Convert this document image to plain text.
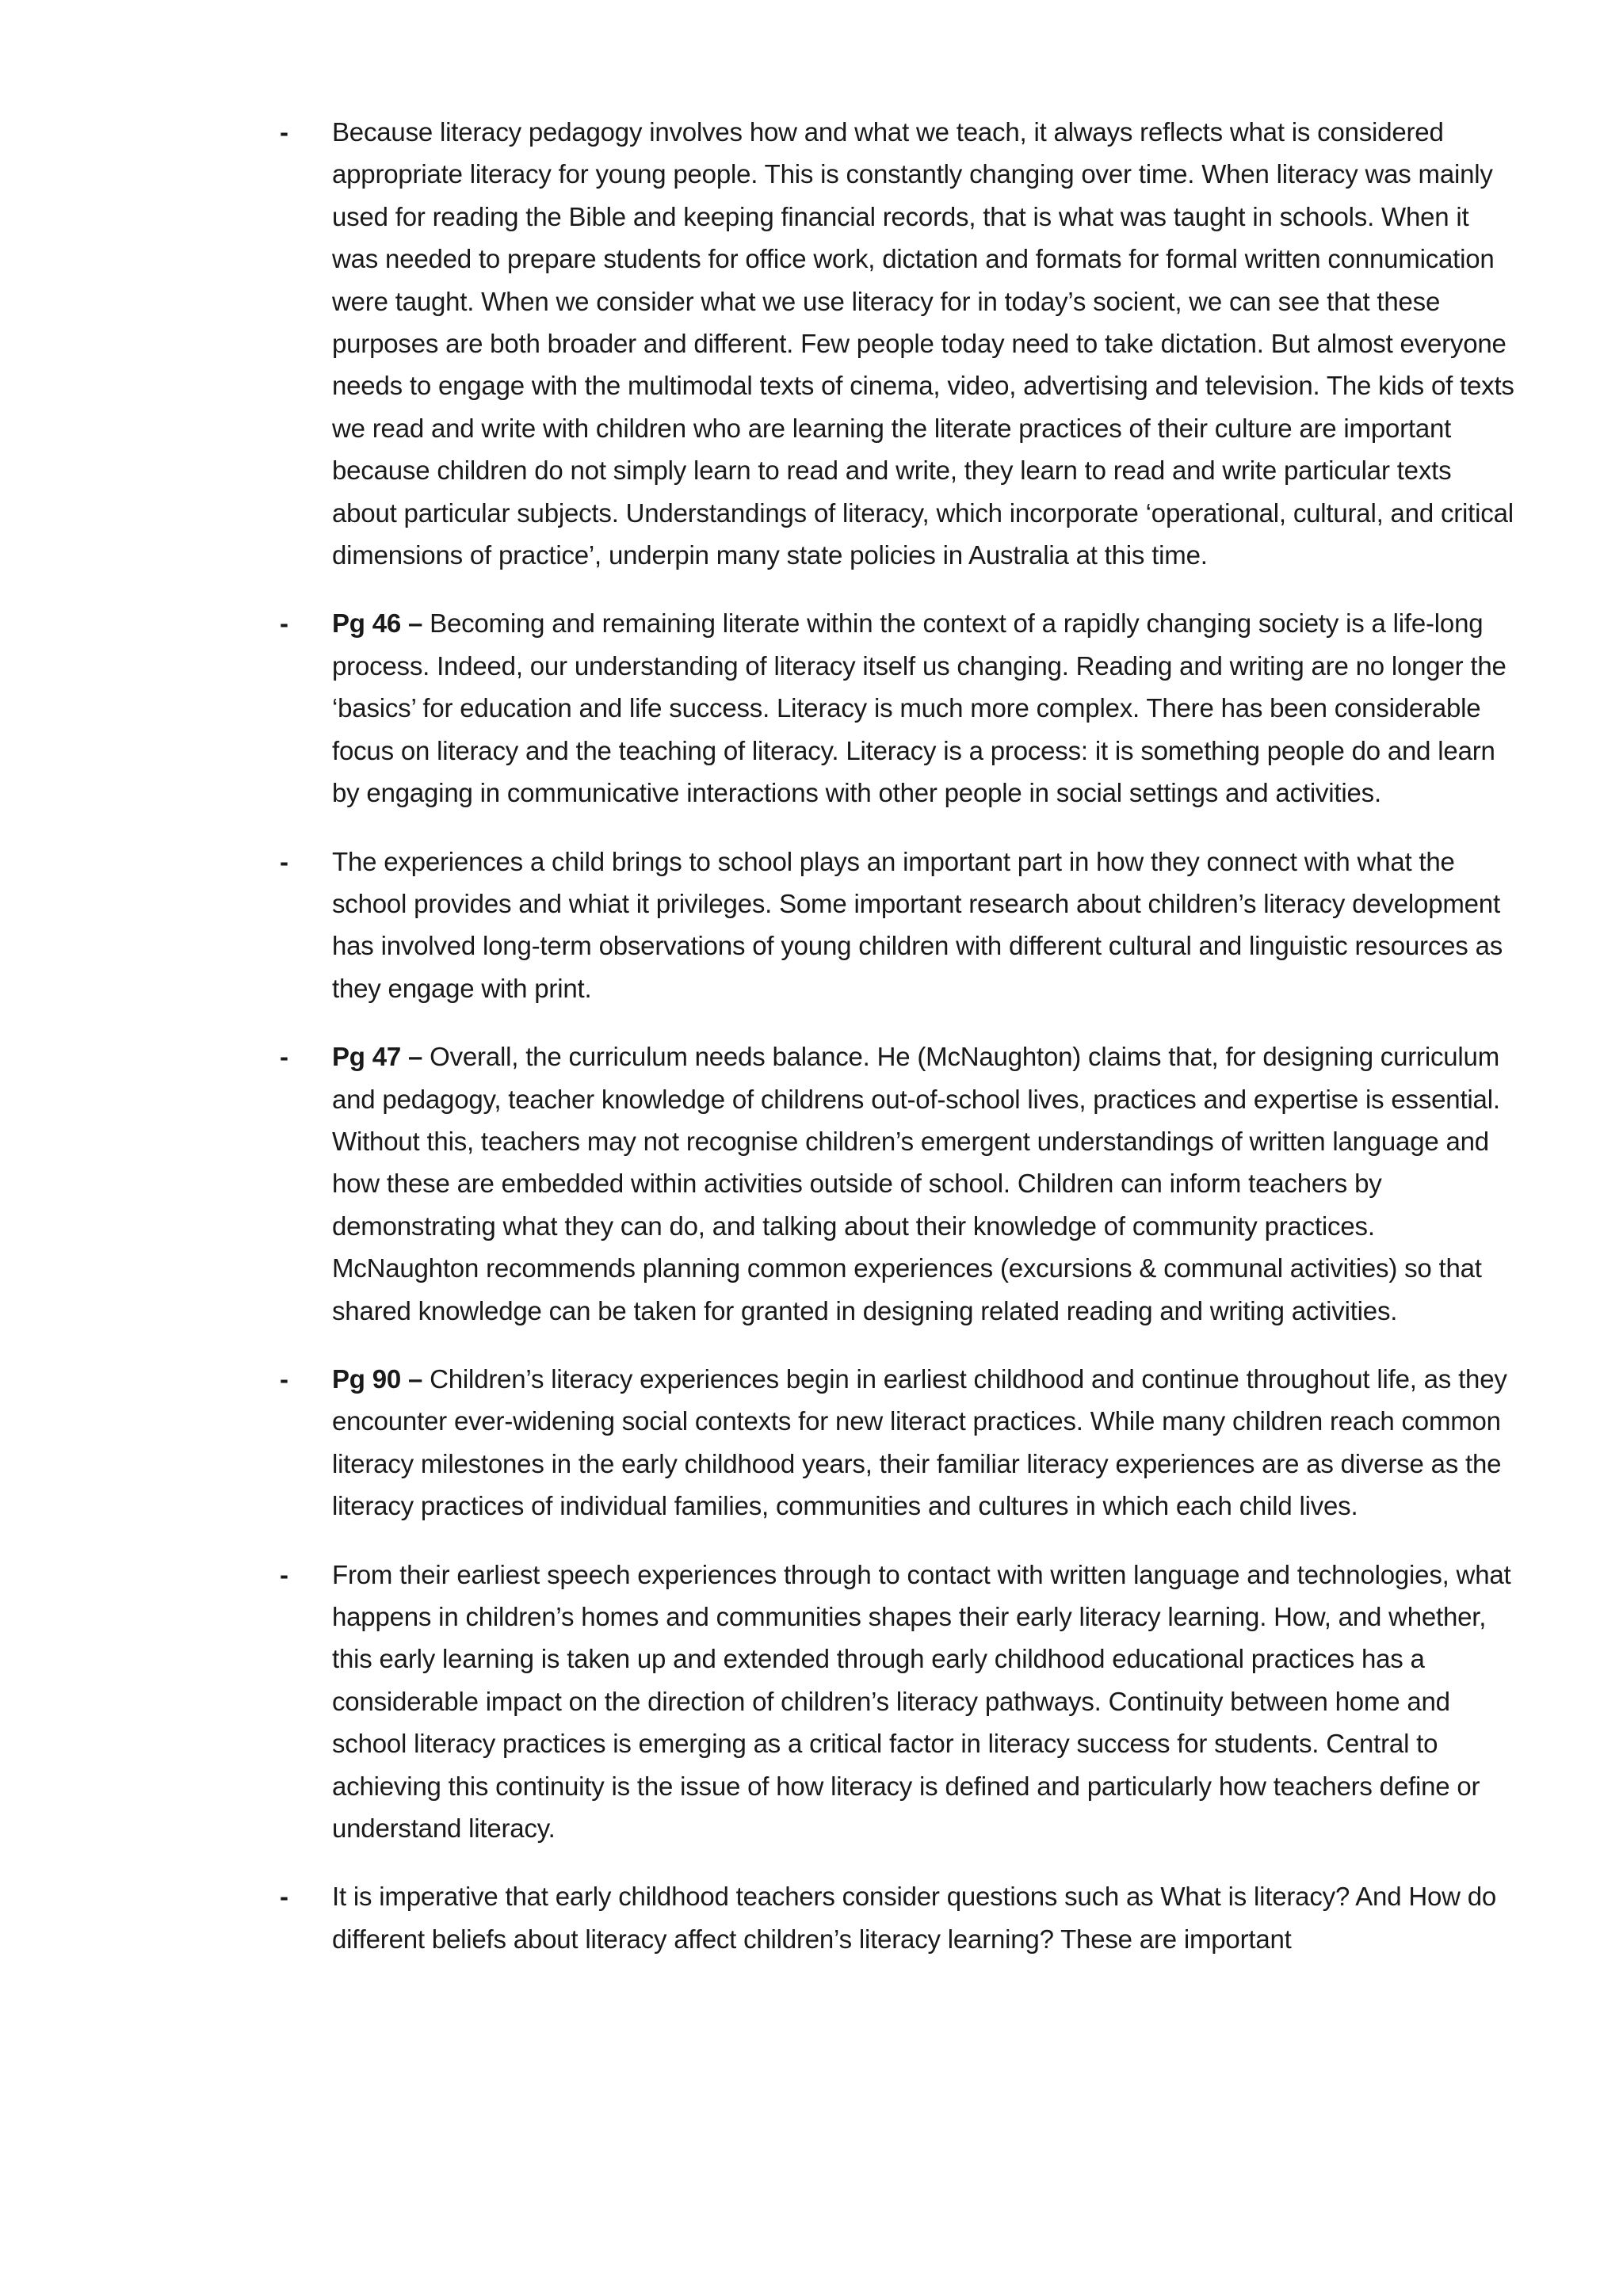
-	Because literacy pedagogy involves how and what we teach, it always reflects what is considered appropriate literacy for young people. This is constantly changing over time. When literacy was mainly used for reading the Bible and keeping financial records, that is what was taught in schools. When it was needed to prepare students for office work, dictation and formats for formal written connumication were taught. When we consider what we use literacy for in today’s socient, we can see that these purposes are both broader and different. Few people today need to take dictation. But almost everyone needs to engage with the multimodal texts of cinema, video, advertising and television. The kids of texts we read and write with children who are learning the literate practices of their culture are important because children do not simply learn to read and write, they learn to read and write particular texts about particular subjects. Understandings of literacy, which incorporate ‘operational, cultural, and critical dimensions of practice’, underpin many state policies in Australia at this time.
-	Pg 46 – Becoming and remaining literate within the context of a rapidly changing society is a life-long process. Indeed, our understanding of literacy itself us changing. Reading and writing are no longer the ‘basics’ for education and life success. Literacy is much more complex. There has been considerable focus on literacy and the teaching of literacy. Literacy is a process: it is something people do and learn by engaging in communicative interactions with other people in social settings and activities.
-	The experiences a child brings to school plays an important part in how they connect with what the school provides and whiat it privileges. Some important research about children’s literacy development has involved long-term observations of young children with different cultural and linguistic resources as they engage with print.
-	Pg 47 – Overall, the curriculum needs balance. He (McNaughton) claims that, for designing curriculum and pedagogy, teacher knowledge of childrens out-of-school lives, practices and expertise is essential. Without this, teachers may not recognise children’s emergent understandings of written language and how these are embedded within activities outside of school. Children can inform teachers by demonstrating what they can do, and talking about their knowledge of community practices. McNaughton recommends planning common experiences (excursions & communal activities) so that shared knowledge can be taken for granted in designing related reading and writing activities.
-	Pg 90 – Children’s literacy experiences begin in earliest childhood and continue throughout life, as they encounter ever-widening social contexts for new literact practices. While many children reach common literacy milestones in the early childhood years, their familiar literacy experiences are as diverse as the literacy practices of individual families, communities and cultures in which each child lives.
-	From their earliest speech experiences through to contact with written language and technologies, what happens in children’s homes and communities shapes their early literacy learning. How, and whether, this early learning is taken up and extended through early childhood educational practices has a considerable impact on the direction of children’s literacy pathways. Continuity between home and school literacy practices is emerging as a critical factor in literacy success for students. Central to achieving this continuity is the issue of how literacy is defined and particularly how teachers define or understand literacy.
-	It is imperative that early childhood teachers consider questions such as What is literacy? And How do different beliefs about literacy affect children’s literacy learning? These are important
